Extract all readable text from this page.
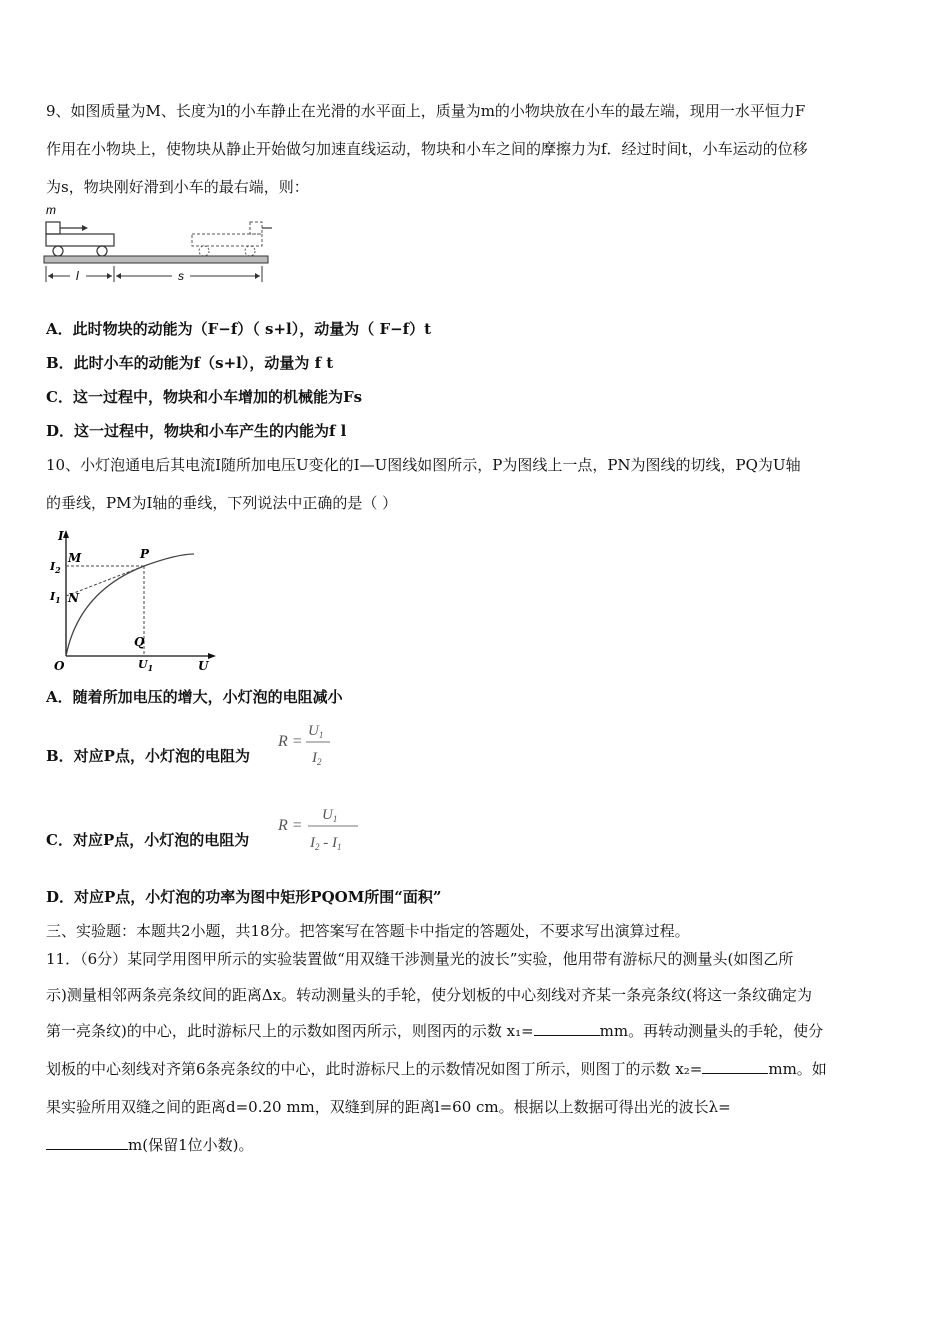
9、如图质量为M、长度为l的小车静止在光滑的水平面上，质量为m的小物块放在小车的最左端，现用一水平恒力F
作用在小物块上，使物块从静止开始做匀加速直线运动，物块和小车之间的摩擦力为f．经过时间t，小车运动的位移
为s，物块刚好滑到小车的最右端，则：
m
l	s
A．此时物块的动能为（F−f）（ s+l），动量为（ F−f）t
B．此时小车的动能为f（s+l），动量为 f t
C．这一过程中，物块和小车增加的机械能为Fs
D．这一过程中，物块和小车产生的内能为f l
10、小灯泡通电后其电流I随所加电压U变化的I—U图线如图所示，P为图线上一点，PN为图线的切线，PQ为U轴
的垂线，PM为I轴的垂线，下列说法中正确的是（ ）
I
U
O
M
N
P
Q
$I_2$
$I_1$
$U_1$
A．随着所加电压的增大，小灯泡的电阻减小
B．对应P点，小灯泡的电阻为
R =
$U_1$
$I_2$
C．对应P点，小灯泡的电阻为
R =
$U_1$
$I_2 - I_1$
D．对应P点，小灯泡的功率为图中矩形PQOM所围“面积”
三、实验题：本题共2小题，共18分。把答案写在答题卡中指定的答题处，不要求写出演算过程。
11．（6分）某同学用图甲所示的实验装置做“用双缝干涉测量光的波长”实验，他用带有游标尺的测量头(如图乙所
示)测量相邻两条亮条纹间的距离Δx。转动测量头的手轮，使分划板的中心刻线对齐某一条亮条纹(将这一条纹确定为
第一亮条纹)的中心，此时游标尺上的示数如图丙所示，则图丙的示数 x₁=	mm。再转动测量头的手轮，使分
划板的中心刻线对齐第6条亮条纹的中心，此时游标尺上的示数情况如图丁所示，则图丁的示数 x₂=	mm。如
果实验所用双缝之间的距离d=0.20 mm，双缝到屏的距离l=60 cm。根据以上数据可得出光的波长λ=
m(保留1位小数)。
